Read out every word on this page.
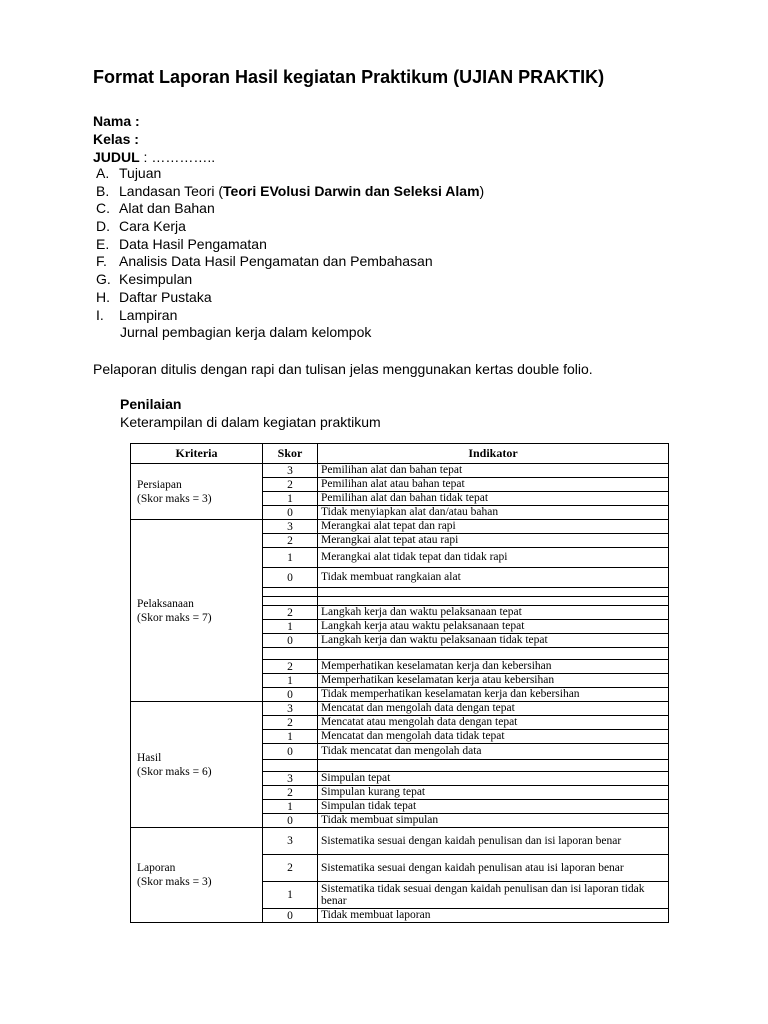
Format Laporan Hasil kegiatan Praktikum (UJIAN PRAKTIK)
Nama :
Kelas :
JUDUL : …………..
A. Tujuan
B. Landasan Teori (Teori EVolusi Darwin dan Seleksi Alam)
C. Alat dan Bahan
D. Cara Kerja
E. Data Hasil Pengamatan
F. Analisis Data Hasil Pengamatan dan Pembahasan
G. Kesimpulan
H. Daftar Pustaka
I. Lampiran
Jurnal pembagian kerja dalam kelompok
Pelaporan ditulis dengan rapi dan tulisan jelas menggunakan kertas double folio.
Penilaian
Keterampilan di dalam kegiatan praktikum
Kriteria	Skor	Indikator

Persiapan
(Skor maks = 3)	3	Pemilihan alat dan bahan tepat
	2	Pemilihan alat atau bahan tepat
	1	Pemilihan alat dan bahan tidak tepat
	0	Tidak menyiapkan alat dan/atau bahan

Pelaksanaan
(Skor maks = 7)	3	Merangkai alat tepat dan rapi
	2	Merangkai alat tepat atau rapi
	1	Merangkai alat tidak tepat dan tidak rapi
	0	Tidak membuat rangkaian alat

	2	Langkah kerja dan waktu pelaksanaan tepat
	1	Langkah kerja atau waktu pelaksanaan tepat
	0	Langkah kerja dan waktu pelaksanaan tidak tepat

	2	Memperhatikan keselamatan kerja dan kebersihan
	1	Memperhatikan keselamatan kerja atau kebersihan
	0	Tidak memperhatikan keselamatan kerja dan kebersihan

Hasil
(Skor maks = 6)	3	Mencatat dan mengolah data dengan tepat
	2	Mencatat atau mengolah data dengan tepat
	1	Mencatat dan mengolah data tidak tepat
	0	Tidak mencatat dan mengolah data

	3	Simpulan tepat
	2	Simpulan kurang tepat
	1	Simpulan tidak tepat
	0	Tidak membuat simpulan

Laporan
(Skor maks = 3)	3	Sistematika sesuai dengan kaidah penulisan dan isi laporan benar
	2	Sistematika sesuai dengan kaidah penulisan atau isi laporan benar
	1	Sistematika tidak sesuai dengan kaidah penulisan dan isi laporan tidak benar
	0	Tidak membuat laporan
